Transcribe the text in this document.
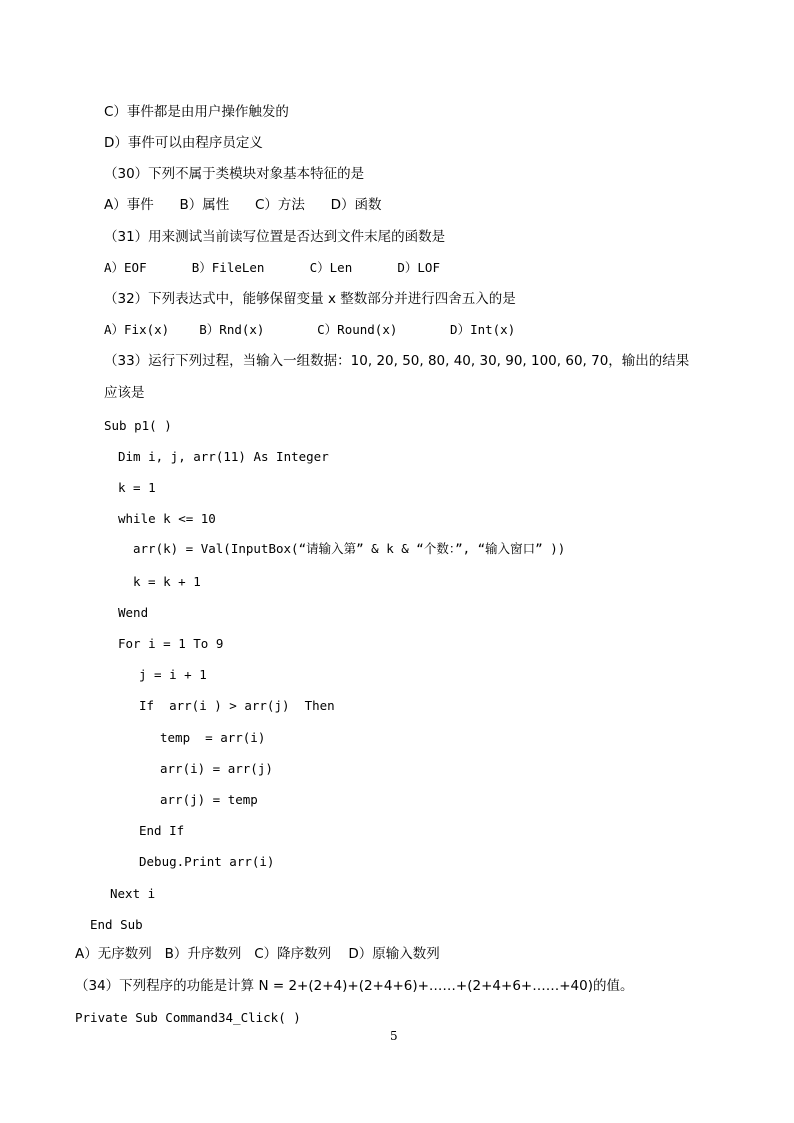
C）事件都是由用户操作触发的
D）事件可以由程序员定义
（30）下列不属于类模块对象基本特征的是
A）事件      B）属性      C）方法      D）函数
（31）用来测试当前读写位置是否达到文件末尾的函数是
A）EOF      B）FileLen      C）Len      D）LOF
（32）下列表达式中，能够保留变量 x 整数部分并进行四舍五入的是
A）Fix(x)    B）Rnd(x)       C）Round(x)       D）Int(x)
（33）运行下列过程，当输入一组数据：10, 20, 50, 80, 40, 30, 90, 100, 60, 70，输出的结果
应该是
Sub p1( )
Dim i, j, arr(11) As Integer
k = 1
while k <= 10
arr(k) = Val(InputBox(“请输入第” & k & “个数：”, “输入窗口” ))
k = k + 1
Wend
For i = 1 To 9
j = i + 1
If  arr(i ) > arr(j)  Then
temp  = arr(i)
arr(i) = arr(j)
arr(j) = temp
End If
Debug.Print arr(i)
Next i
End Sub
A）无序数列   B）升序数列   C）降序数列    D）原输入数列
（34）下列程序的功能是计算 N = 2+(2+4)+(2+4+6)+……+(2+4+6+……+40)的值。
Private Sub Command34_Click( )
5
